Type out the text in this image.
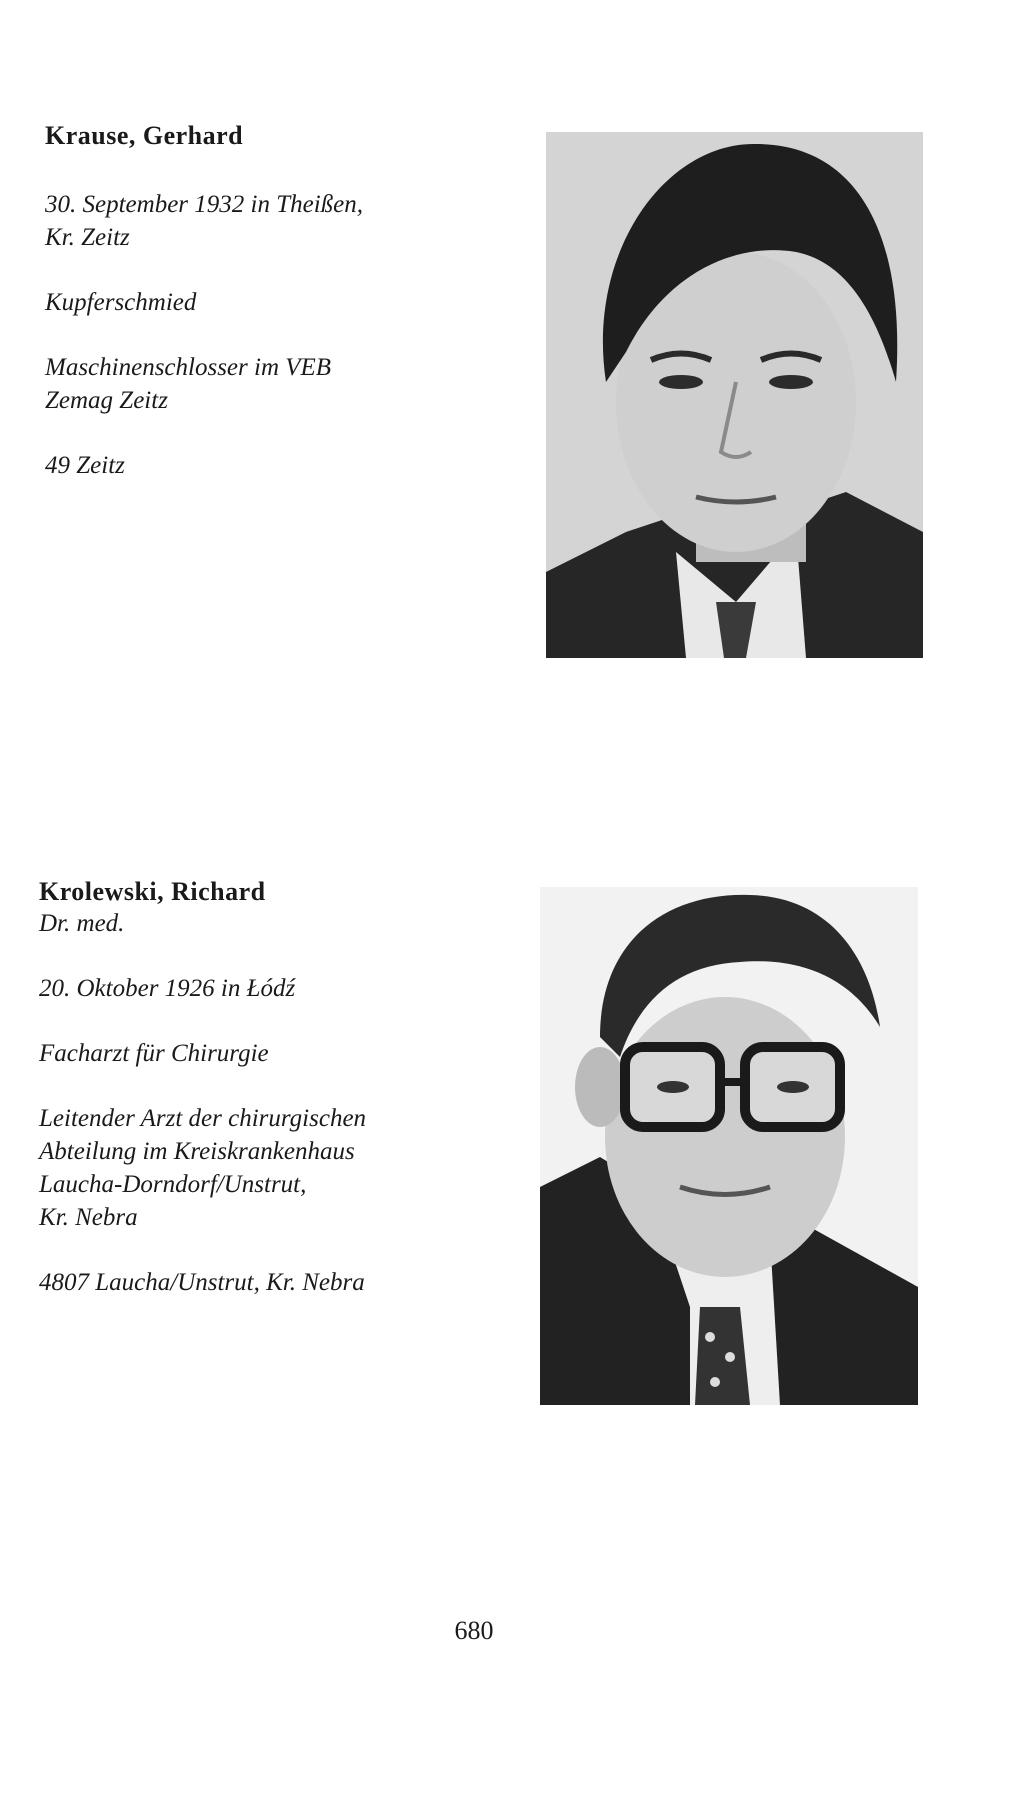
Krause, Gerhard
30. September 1932 in Theißen,
Kr. Zeitz
Kupferschmied
Maschinenschlosser im VEB
Zemag Zeitz
49 Zeitz
Krolewski, Richard
Dr. med.
20. Oktober 1926 in Łódź
Facharzt für Chirurgie
Leitender Arzt der chirurgischen
Abteilung im Kreiskrankenhaus
Laucha-Dorndorf/Unstrut,
Kr. Nebra
4807 Laucha/Unstrut, Kr. Nebra
680
